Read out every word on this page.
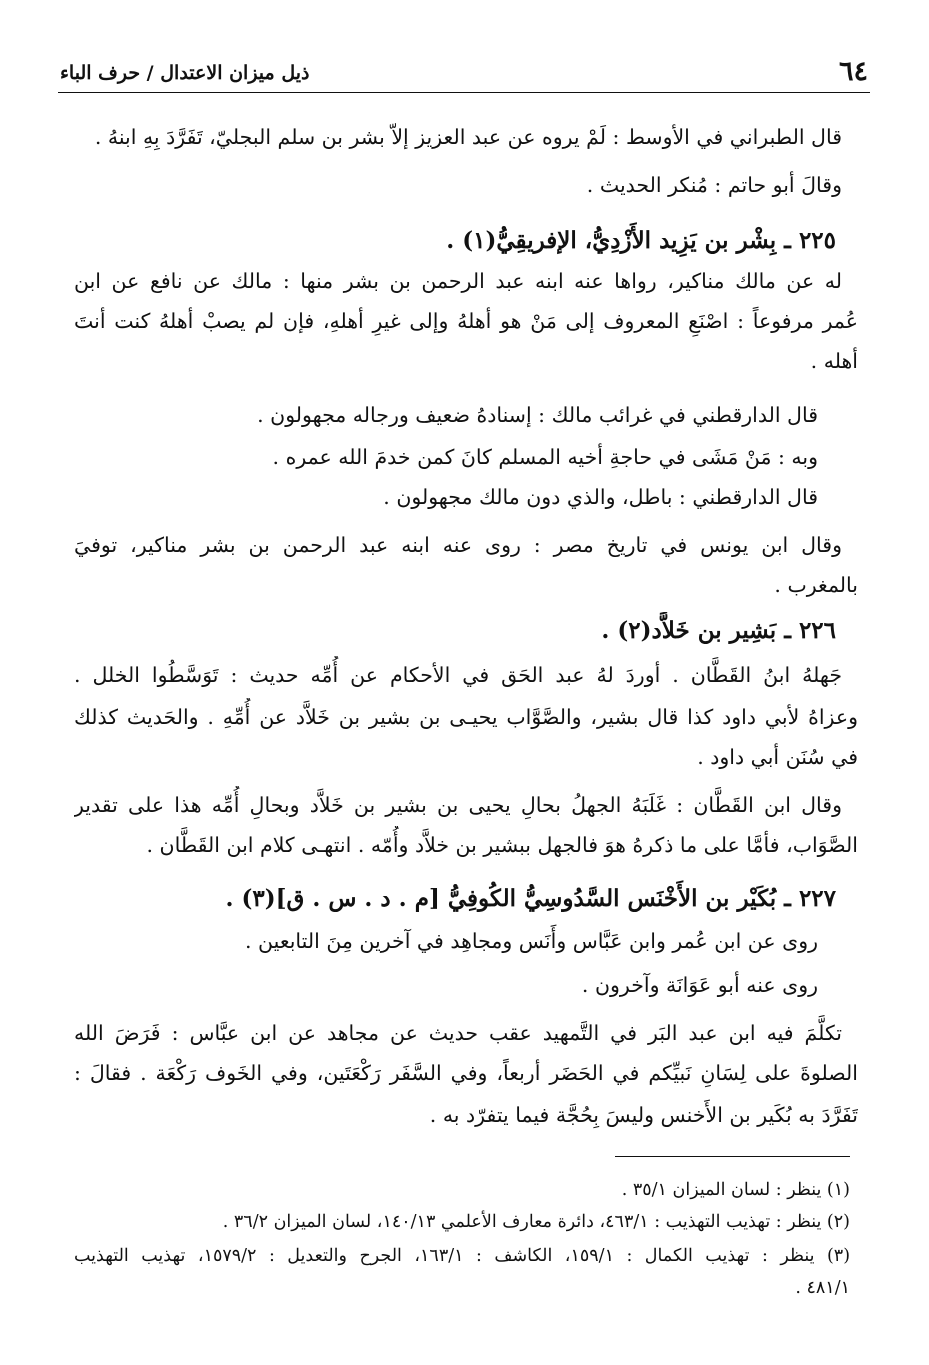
٦٤
ذيل ميزان الاعتدال / حرف الباء
قال الطبراني في الأوسط : لَمْ يروه عن عبد العزيز إلاّ بشر بن سلم البجليّ، تَفَرَّدَ بِهِ ابنهُ .
وقالَ أبو حاتم : مُنكر الحديث .
٢٢٥ ـ بِشْر بن يَزِيد الأَزْدِيُّ، الإفريقِيُّ(١) .
له عن مالك مناكير، رواها عنه ابنه عبد الرحمن بن بشر منها : مالك عن نافع عن ابن
عُمر مرفوعاً : اصْنَعِ المعروف إلى مَنْ هو أهلهُ وإلى غيرِ أهلهِ، فإن لم يصبْ أهلهُ كنت أنتَ
أهله .
قال الدارقطني في غرائب مالك : إسنادهُ ضعيف ورجاله مجهولون .
وبه : مَنْ مَشَى في حاجةِ أخيه المسلم كانَ كمن خدمَ الله عمره .
قال الدارقطني : باطل، والذي دون مالك مجهولون .
وقال ابن يونس في تاريخ مصر : روى عنه ابنه عبد الرحمن بن بشر مناكير، توفيَ
بالمغرب .
٢٢٦ ـ بَشِير بن خَلاَّد(٢) .
جَهلهُ ابنُ القَطَّان . أوردَ لهُ عبد الحَق في الأحكام عن أُمِّه حديث : تَوَسَّطُوا الخلل .
وعزاهُ لأبي داود كذا قال بشير، والصَّوَّاب يحيـى بن بشير بن خَلاَّد عن أُمِّهِ . والحَديث كذلك
في سُنَن أبي داود .
وقال ابن القَطَّان : غَلَبَهُ الجهلُ بحالِ يحيى بن بشير بن خَلاَّد وبحالِ أُمِّه هذا على تقدير
الصَّوَاب، فأمَّا على ما ذكرهُ هوَ فالجهل ببشير بن خلاَّد وأُمّه . انتهـى كلام ابن القَطَّان .
٢٢٧ ـ بُكَيْر بن الأَخْنَس السَّدُوسِيُّ الكُوفِيُّ [م . د . س . ق](٣) .
روى عن ابن عُمر وابن عَبَّاس وأَنَس ومجاهِد في آخرين مِنَ التابعين .
روى عنه أبو عَوَانَة وآخرون .
تكلَّمَ فيه ابن عبد البَر في التَّمهيد عقب حديث عن مجاهد عن ابن عبَّاس : فَرَضَ الله
الصلوةَ على لِسَانِ نَبيِّكم في الحَضَر أربعاً، وفي السَّفَر رَكْعَتَين، وفي الخَوف رَكْعَة . فقالَ :
تَفَرَّدَ به بُكَير بن الأَخنس وليسَ بِحُجَّة فيما يتفرّد به .
(١) ينظر : لسان الميزان ٣٥/١ .
(٢) ينظر : تهذيب التهذيب : ٤٦٣/١، دائرة معارف الأعلمي ١٤٠/١٣، لسان الميزان ٣٦/٢ .
(٣) ينظر : تهذيب الكمال : ١٥٩/١، الكاشف : ١٦٣/١، الجرح والتعديل : ١٥٧٩/٢، تهذيب التهذيب
٤٨١/١ .
